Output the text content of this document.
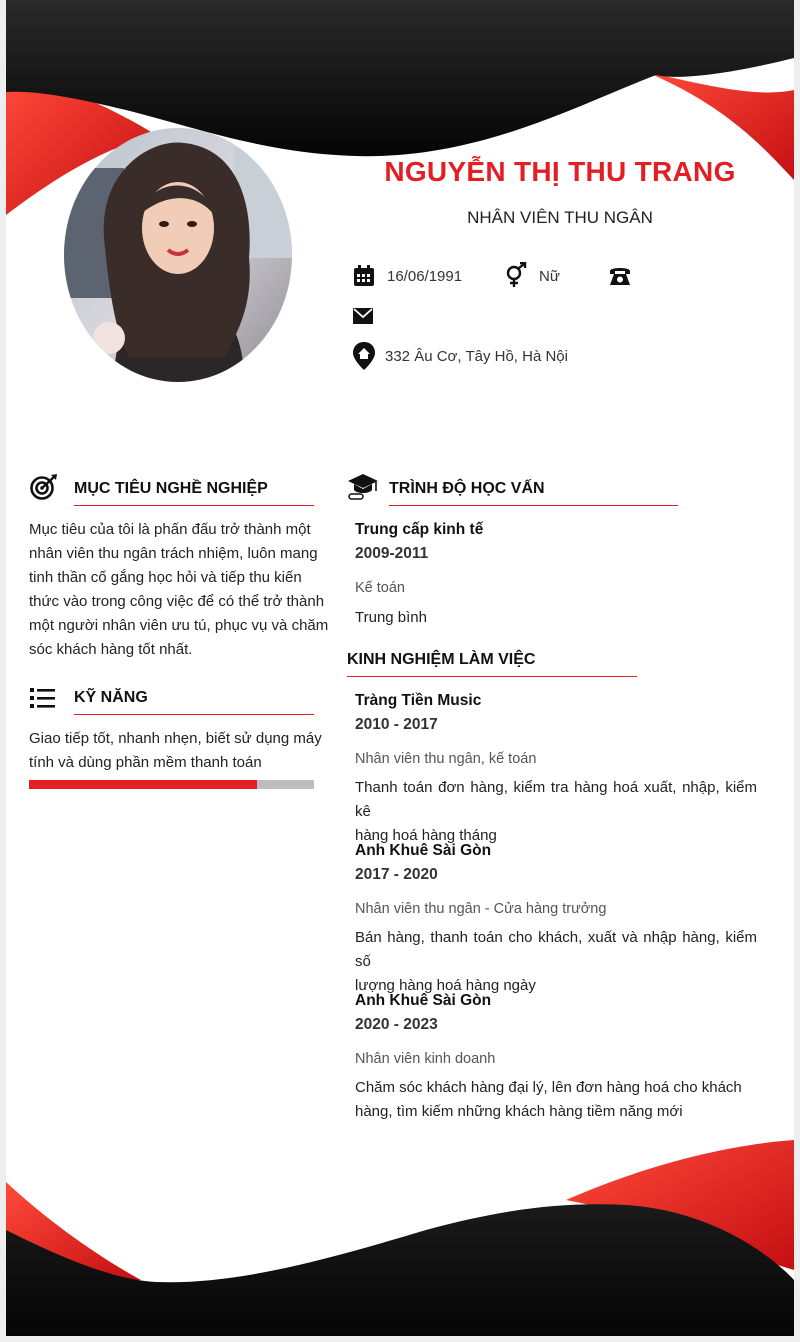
NGUYỄN THỊ THU TRANG
NHÂN VIÊN THU NGÂN
16/06/1991	Nữ
332 Âu Cơ, Tây Hồ, Hà Nội
MỤC TIÊU NGHỀ NGHIỆP
Mục tiêu của tôi là phấn đấu trở thành một
nhân viên thu ngân trách nhiệm, luôn mang
tinh thần cố gắng học hỏi và tiếp thu kiến
thức vào trong công việc để có thể trở thành
một người nhân viên ưu tú, phục vụ và chăm
sóc khách hàng tốt nhất.
KỸ NĂNG
Giao tiếp tốt, nhanh nhẹn, biết sử dụng máy
tính và dùng phần mềm thanh toán
TRÌNH ĐỘ HỌC VẤN
Trung cấp kinh tế
2009-2011
Kế toán
Trung bình
KINH NGHIỆM LÀM VIỆC
Tràng Tiền Music
2010 - 2017
Nhân viên thu ngân, kế toán
Thanh toán đơn hàng, kiểm tra hàng hoá xuất, nhập, kiểm kê
hàng hoá hàng tháng
Anh Khuê Sài Gòn
2017 - 2020
Nhân viên thu ngân - Cửa hàng trưởng
Bán hàng, thanh toán cho khách, xuất và nhập hàng, kiểm số
lượng hàng hoá hàng ngày
Anh Khuê Sài Gòn
2020 - 2023
Nhân viên kinh doanh
Chăm sóc khách hàng đại lý, lên đơn hàng hoá cho khách
hàng, tìm kiếm những khách hàng tiềm năng mới
